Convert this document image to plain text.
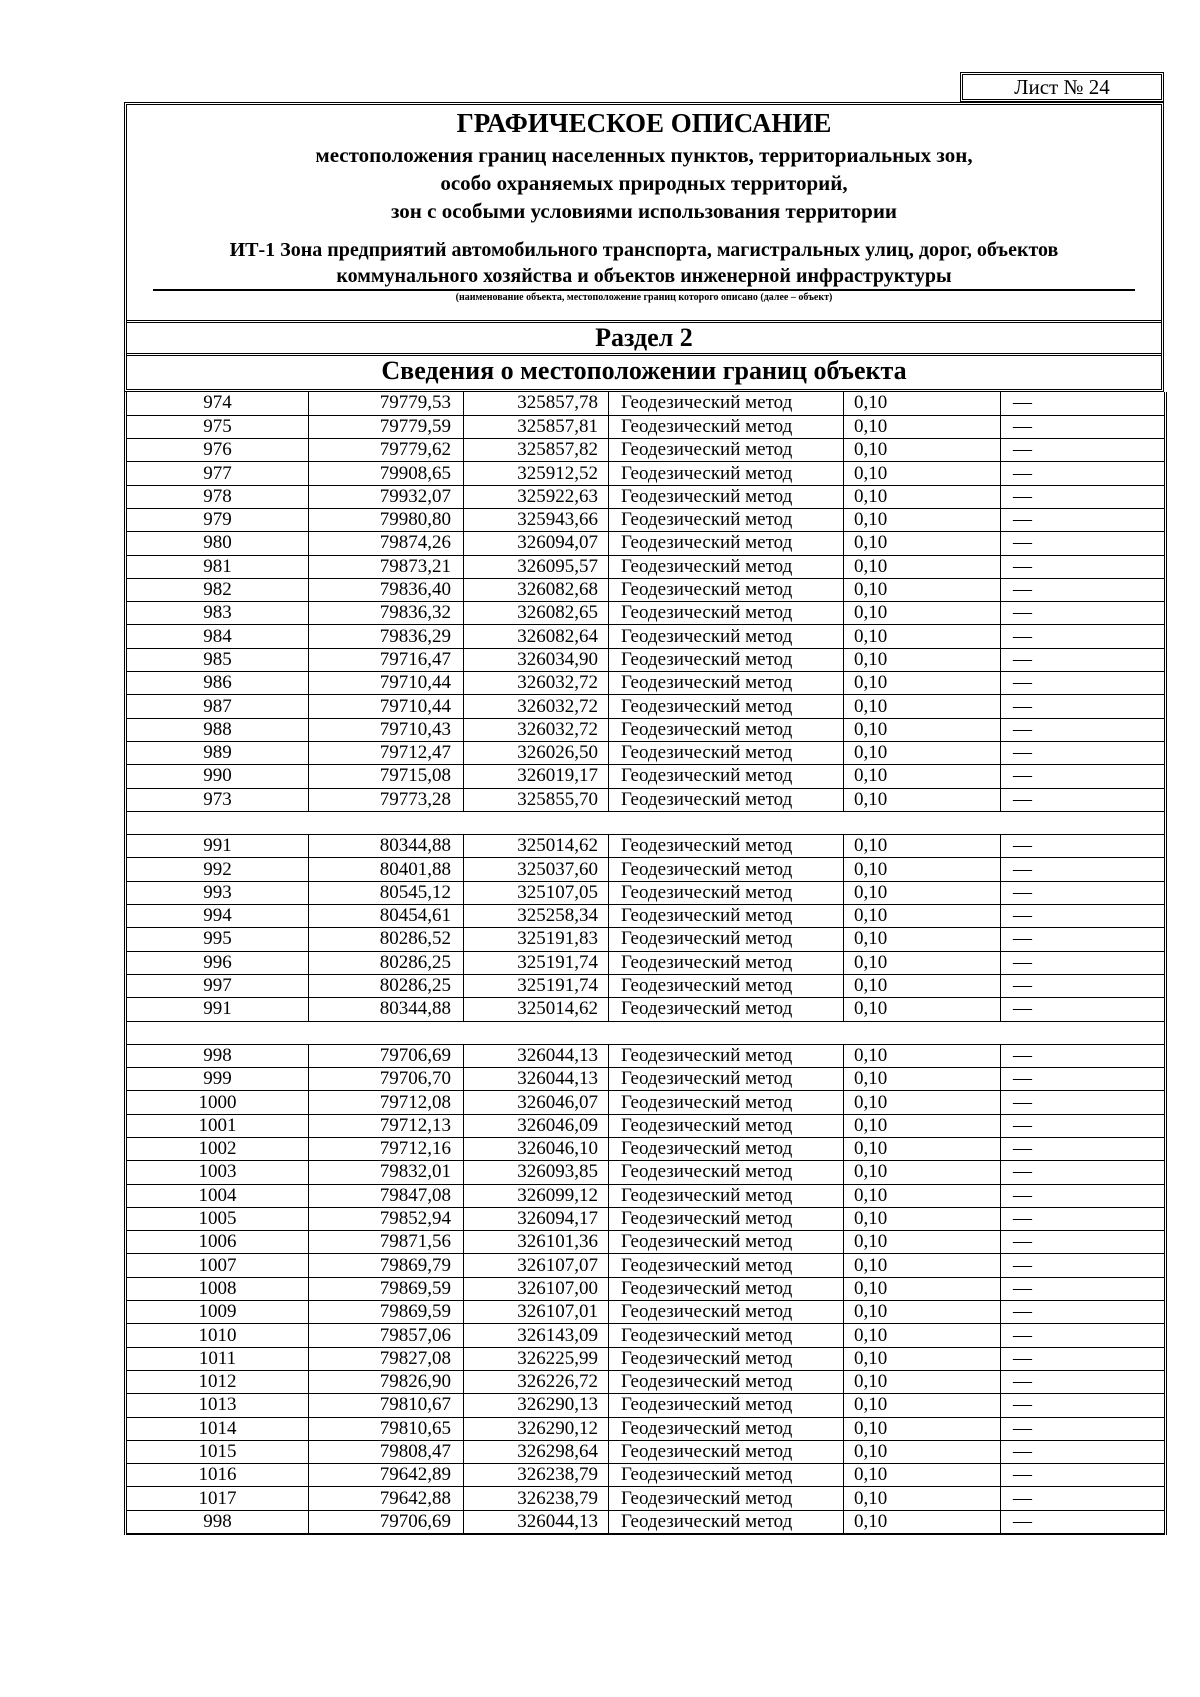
Лист № 24
ГРАФИЧЕСКОЕ ОПИСАНИЕ
местоположения границ населенных пунктов, территориальных зон,
особо охраняемых природных территорий,
зон с особыми условиями использования территории
ИТ-1 Зона предприятий автомобильного транспорта, магистральных улиц, дорог, объектов
коммунального хозяйства и объектов инженерной инфраструктуры
(наименование объекта, местоположение границ которого описано (далее – объект)
Раздел 2
Сведения о местоположении границ объекта
974	79779,53	325857,78	Геодезический метод	0,10	—
975	79779,59	325857,81	Геодезический метод	0,10	—
976	79779,62	325857,82	Геодезический метод	0,10	—
977	79908,65	325912,52	Геодезический метод	0,10	—
978	79932,07	325922,63	Геодезический метод	0,10	—
979	79980,80	325943,66	Геодезический метод	0,10	—
980	79874,26	326094,07	Геодезический метод	0,10	—
981	79873,21	326095,57	Геодезический метод	0,10	—
982	79836,40	326082,68	Геодезический метод	0,10	—
983	79836,32	326082,65	Геодезический метод	0,10	—
984	79836,29	326082,64	Геодезический метод	0,10	—
985	79716,47	326034,90	Геодезический метод	0,10	—
986	79710,44	326032,72	Геодезический метод	0,10	—
987	79710,44	326032,72	Геодезический метод	0,10	—
988	79710,43	326032,72	Геодезический метод	0,10	—
989	79712,47	326026,50	Геодезический метод	0,10	—
990	79715,08	326019,17	Геодезический метод	0,10	—
973	79773,28	325855,70	Геодезический метод	0,10	—

991	80344,88	325014,62	Геодезический метод	0,10	—
992	80401,88	325037,60	Геодезический метод	0,10	—
993	80545,12	325107,05	Геодезический метод	0,10	—
994	80454,61	325258,34	Геодезический метод	0,10	—
995	80286,52	325191,83	Геодезический метод	0,10	—
996	80286,25	325191,74	Геодезический метод	0,10	—
997	80286,25	325191,74	Геодезический метод	0,10	—
991	80344,88	325014,62	Геодезический метод	0,10	—

998	79706,69	326044,13	Геодезический метод	0,10	—
999	79706,70	326044,13	Геодезический метод	0,10	—
1000	79712,08	326046,07	Геодезический метод	0,10	—
1001	79712,13	326046,09	Геодезический метод	0,10	—
1002	79712,16	326046,10	Геодезический метод	0,10	—
1003	79832,01	326093,85	Геодезический метод	0,10	—
1004	79847,08	326099,12	Геодезический метод	0,10	—
1005	79852,94	326094,17	Геодезический метод	0,10	—
1006	79871,56	326101,36	Геодезический метод	0,10	—
1007	79869,79	326107,07	Геодезический метод	0,10	—
1008	79869,59	326107,00	Геодезический метод	0,10	—
1009	79869,59	326107,01	Геодезический метод	0,10	—
1010	79857,06	326143,09	Геодезический метод	0,10	—
1011	79827,08	326225,99	Геодезический метод	0,10	—
1012	79826,90	326226,72	Геодезический метод	0,10	—
1013	79810,67	326290,13	Геодезический метод	0,10	—
1014	79810,65	326290,12	Геодезический метод	0,10	—
1015	79808,47	326298,64	Геодезический метод	0,10	—
1016	79642,89	326238,79	Геодезический метод	0,10	—
1017	79642,88	326238,79	Геодезический метод	0,10	—
998	79706,69	326044,13	Геодезический метод	0,10	—
